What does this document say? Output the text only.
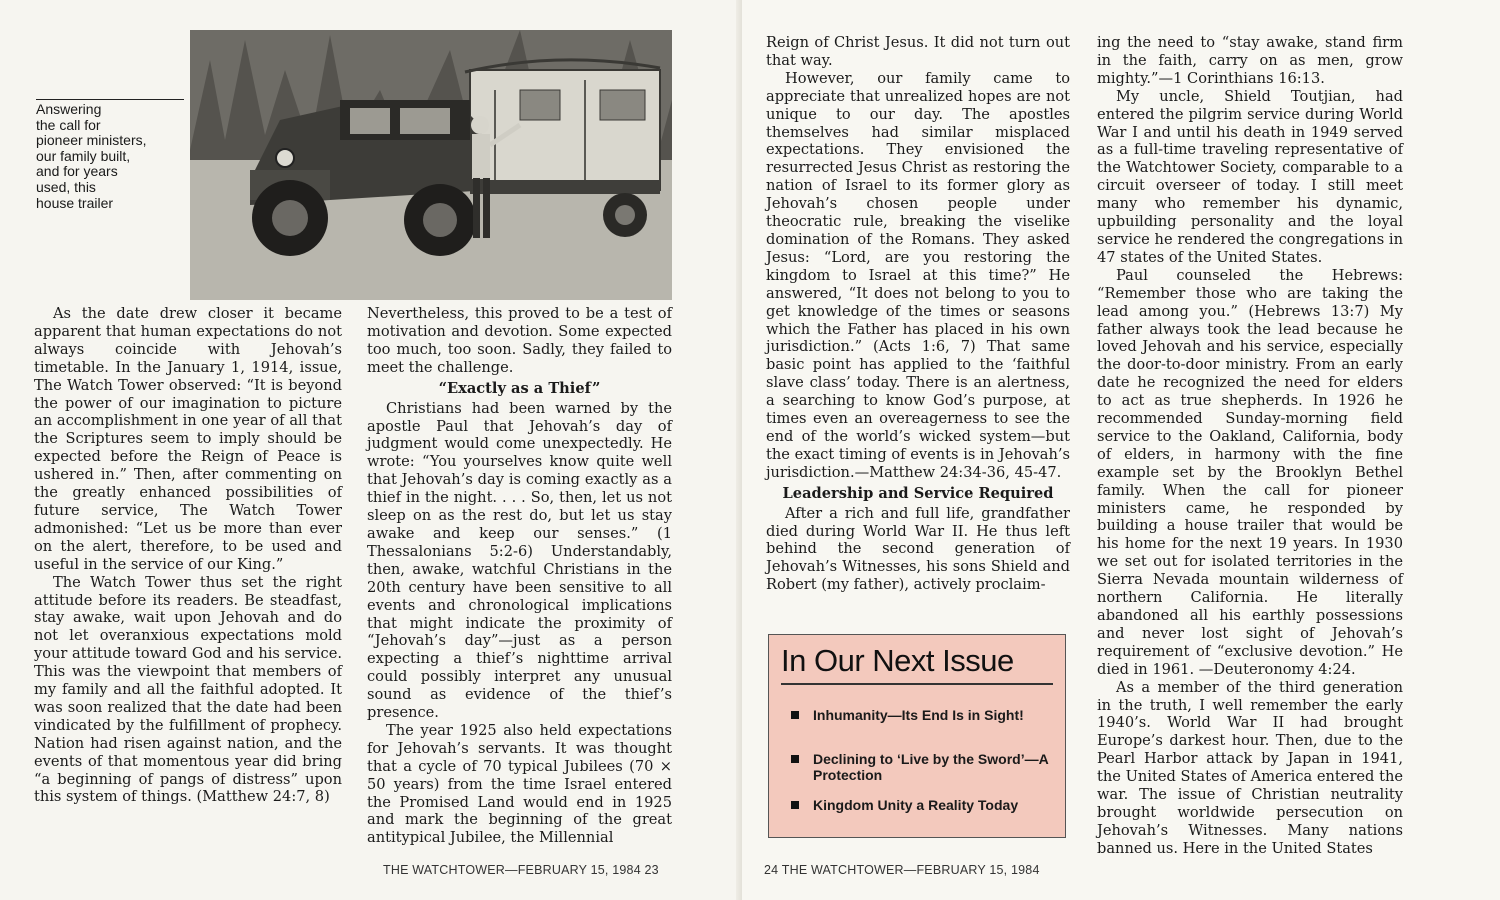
Answering
the call for
pioneer ministers,
our family built,
and for years
used, this
house trailer

As the date drew closer it became apparent that human expectations do not always coincide with Jehovah’s timetable. In the January 1, 1914, issue, The Watch Tower observed: “It is beyond the power of our imagination to picture an accomplishment in one year of all that the Scriptures seem to imply should be expected before the Reign of Peace is ushered in.” Then, after commenting on the greatly enhanced possibilities of future service, The Watch Tower admonished: “Let us be more than ever on the alert, therefore, to be used and useful in the service of our King.”

The Watch Tower thus set the right attitude before its readers. Be steadfast, stay awake, wait upon Jehovah and do not let overanxious expectations mold your attitude toward God and his service. This was the viewpoint that members of my family and all the faithful adopted. It was soon realized that the date had been vindicated by the fulfillment of prophecy. Nation had risen against nation, and the events of that momentous year did bring “a beginning of pangs of distress” upon this system of things. (Matthew 24:7, 8)

Nevertheless, this proved to be a test of motivation and devotion. Some expected too much, too soon. Sadly, they failed to meet the challenge.

“Exactly as a Thief”

Christians had been warned by the apostle Paul that Jehovah’s day of judgment would come unexpectedly. He wrote: “You yourselves know quite well that Jehovah’s day is coming exactly as a thief in the night. . . . So, then, let us not sleep on as the rest do, but let us stay awake and keep our senses.” (1 Thessalonians 5:2-6) Understandably, then, awake, watchful Christians in the 20th century have been sensitive to all events and chronological implications that might indicate the proximity of “Jehovah’s day”—just as a person expecting a thief’s nighttime arrival could possibly interpret any unusual sound as evidence of the thief’s presence.

The year 1925 also held expectations for Jehovah’s servants. It was thought that a cycle of 70 typical Jubilees (70 × 50 years) from the time Israel entered the Promised Land would end in 1925 and mark the beginning of the great antitypical Jubilee, the Millennial

THE WATCHTOWER—FEBRUARY 15, 1984 23

Reign of Christ Jesus. It did not turn out that way.

However, our family came to appreciate that unrealized hopes are not unique to our day. The apostles themselves had similar misplaced expectations. They envisioned the resurrected Jesus Christ as restoring the nation of Israel to its former glory as Jehovah’s chosen people under theocratic rule, breaking the viselike domination of the Romans. They asked Jesus: “Lord, are you restoring the kingdom to Israel at this time?” He answered, “It does not belong to you to get knowledge of the times or seasons which the Father has placed in his own jurisdiction.” (Acts 1:6, 7) That same basic point has applied to the ‘faithful slave class’ today. There is an alertness, a searching to know God’s purpose, at times even an overeagerness to see the end of the world’s wicked system—but the exact timing of events is in Jehovah’s jurisdiction.—Matthew 24:34-36, 45-47.

Leadership and Service Required

After a rich and full life, grandfather died during World War II. He thus left behind the second generation of Jehovah’s Witnesses, his sons Shield and Robert (my father), actively proclaim-

ing the need to “stay awake, stand firm in the faith, carry on as men, grow mighty.”—1 Corinthians 16:13.

My uncle, Shield Toutjian, had entered the pilgrim service during World War I and until his death in 1949 served as a full-time traveling representative of the Watchtower Society, comparable to a circuit overseer of today. I still meet many who remember his dynamic, upbuilding personality and the loyal service he rendered the congregations in 47 states of the United States.

Paul counseled the Hebrews: “Remember those who are taking the lead among you.” (Hebrews 13:7) My father always took the lead because he loved Jehovah and his service, especially the door-to-door ministry. From an early date he recognized the need for elders to act as true shepherds. In 1926 he recommended Sunday-morning field service to the Oakland, California, body of elders, in harmony with the fine example set by the Brooklyn Bethel family. When the call for pioneer ministers came, he responded by building a house trailer that would be his home for the next 19 years. In 1930 we set out for isolated territories in the Sierra Nevada mountain wilderness of northern California. He literally abandoned all his earthly possessions and never lost sight of Jehovah’s requirement of “exclusive devotion.” He died in 1961. —Deuteronomy 4:24.

As a member of the third generation in the truth, I well remember the early 1940’s. World War II had brought Europe’s darkest hour. Then, due to the Pearl Harbor attack by Japan in 1941, the United States of America entered the war. The issue of Christian neutrality brought worldwide persecution on Jehovah’s Witnesses. Many nations banned us. Here in the United States

24 THE WATCHTOWER—FEBRUARY 15, 1984
In Our Next Issue
Inhumanity—Its End Is in Sight!
Declining to ‘Live by the Sword’—A Protection
Kingdom Unity a Reality Today
